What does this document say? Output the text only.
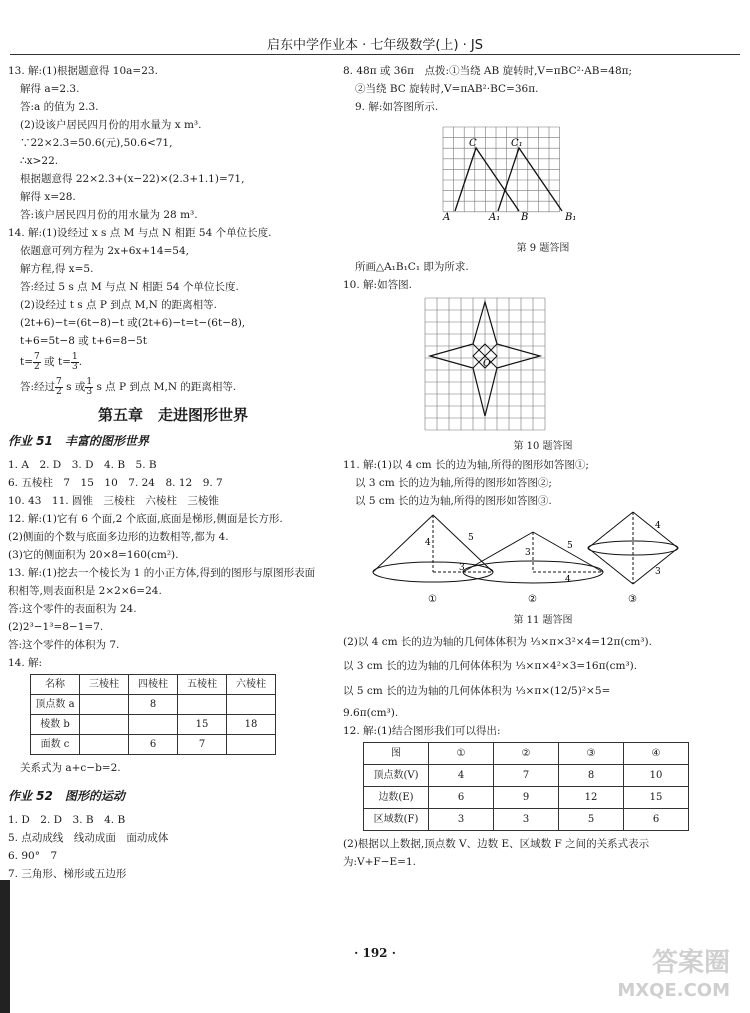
启东中学作业本 · 七年级数学(上) · JS
13. 解:(1)根据题意得 10a=23.
解得 a=2.3.
答:a 的值为 2.3.
(2)设该户居民四月份的用水量为 x m³.
∵22×2.3=50.6(元),50.6<71,
∴x>22.
根据题意得 22×2.3+(x−22)×(2.3+1.1)=71,
解得 x=28.
答:该户居民四月份的用水量为 28 m³.
14. 解:(1)设经过 x s 点 M 与点 N 相距 54 个单位长度.
依题意可列方程为 2x+6x+14=54,
解方程,得 x=5.
答:经过 5 s 点 M 与点 N 相距 54 个单位长度.
(2)设经过 t s 点 P 到点 M,N 的距离相等.
(2t+6)−t=(6t−8)−t 或(2t+6)−t=t−(6t−8),
t+6=5t−8 或 t+6=8−5t
$t= \frac{7}{2}$ 或 $t= \frac{1}{3}$ .
答:经过 $\frac{7}{2}$ s 或 $\frac{1}{3}$ s 点 P 到点 M,N 的距离相等.
第五章　走进图形世界
作业 51　丰富的图形世界
1. A　2. D　3. D　4. B　5. B
6. 五棱柱　7　15　10　7. 24　8. 12　9. 7
10. 43　11. 圆锥　三棱柱　六棱柱　三棱锥
12. 解:(1)它有 6 个面,2 个底面,底面是梯形,侧面是长方形.
(2)侧面的个数与底面多边形的边数相等,都为 4.
(3)它的侧面积为 20×8=160(cm²).
13. 解:(1)挖去一个棱长为 1 的小正方体,得到的图形与原图形表面
积相等,则表面积是 2×2×6=24.
答:这个零件的表面积为 24.
(2)2³−1³=8−1=7.
答:这个零件的体积为 7.
14. 解:
名称	三棱柱	四棱柱	五棱柱	六棱柱
顶点数 a		8		
棱数 b			15	18
面数 c		6	7	
关系式为 a+c−b=2.
作业 52　图形的运动
1. D　2. D　3. B　4. B
5. 点动成线　线动成面　面动成体
6. 90°　7
7. 三角形、梯形或五边形
8. 48π 或 36π　点拨:①当绕 AB 旋转时,V=πBC²·AB=48π;
②当绕 BC 旋转时,V=πAB²·BC=36π.
9. 解:如答图所示.
A
C
A₁
C₁
B	B₁
第 9 题答图
所画△A₁B₁C₁ 即为所求.
10. 解:如答图.
O
第 10 题答图
11. 解:(1)以 4 cm 长的边为轴,所得的图形如答图①;
以 3 cm 长的边为轴,所得的图形如答图②;
以 5 cm 长的边为轴,所得的图形如答图③.
4	5
3
3
5
4
4
3
①	②	③
第 11 题答图
(2)以 4 cm 长的边为轴的几何体体积为 ⅓×π×3²×4=12π(cm³).
以 3 cm 长的边为轴的几何体体积为 ⅓×π×4²×3=16π(cm³).
以 5 cm 长的边为轴的几何体体积为 ⅓×π×(12/5)²×5=
9.6π(cm³).
12. 解:(1)结合图形我们可以得出:
图	①	②	③	④
顶点数(V)	4	7	8	10
边数(E)	6	9	12	15
区域数(F)	3	3	5	6
(2)根据以上数据,顶点数 V、边数 E、区域数 F 之间的关系式表示
为:V+F−E=1.
· 192 ·	答案圈
MXQE.COM
